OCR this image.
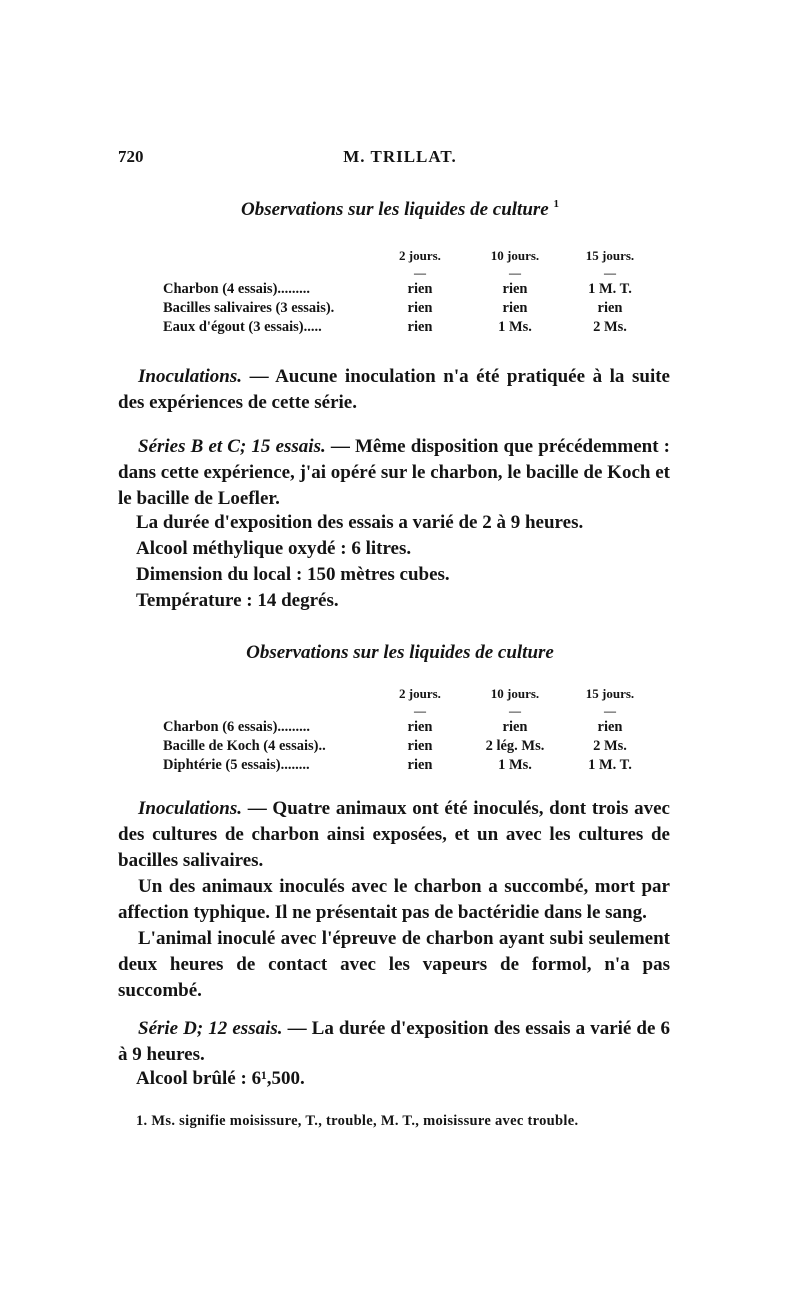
720	M. TRILLAT.
Observations sur les liquides de culture $^1$
2 jours.	10 jours.	15 jours.
—	—	—
Charbon (4 essais).........	rien	rien	1 M. T.
Bacilles salivaires (3 essais).	rien	rien	rien
Eaux d'égout (3 essais).....	rien	1 Ms.	2 Ms.
Inoculations. — Aucune inoculation n'a été pratiquée à la suite des expériences de cette série.
Séries B et C; 15 essais. — Même disposition que précédemment : dans cette expérience, j'ai opéré sur le charbon, le bacille de Koch et le bacille de Loefler.
La durée d'exposition des essais a varié de 2 à 9 heures.
Alcool méthylique oxydé : 6 litres.
Dimension du local : 150 mètres cubes.
Température : 14 degrés.
Observations sur les liquides de culture
2 jours.	10 jours.	15 jours.
—	—	—
Charbon (6 essais).........	rien	rien	rien
Bacille de Koch (4 essais)..	rien	2 lég. Ms.	2 Ms.
Diphtérie (5 essais)........	rien	1 Ms.	1 M. T.
Inoculations. — Quatre animaux ont été inoculés, dont trois avec des cultures de charbon ainsi exposées, et un avec les cultures de bacilles salivaires.
Un des animaux inoculés avec le charbon a succombé, mort par affection typhique. Il ne présentait pas de bactéridie dans le sang.
L'animal inoculé avec l'épreuve de charbon ayant subi seulement deux heures de contact avec les vapeurs de formol, n'a pas succombé.
Série D; 12 essais. — La durée d'exposition des essais a varié de 6 à 9 heures.
Alcool brûlé : 6¹,500.
1. Ms. signifie moisissure, T., trouble, M. T., moisissure avec trouble.
